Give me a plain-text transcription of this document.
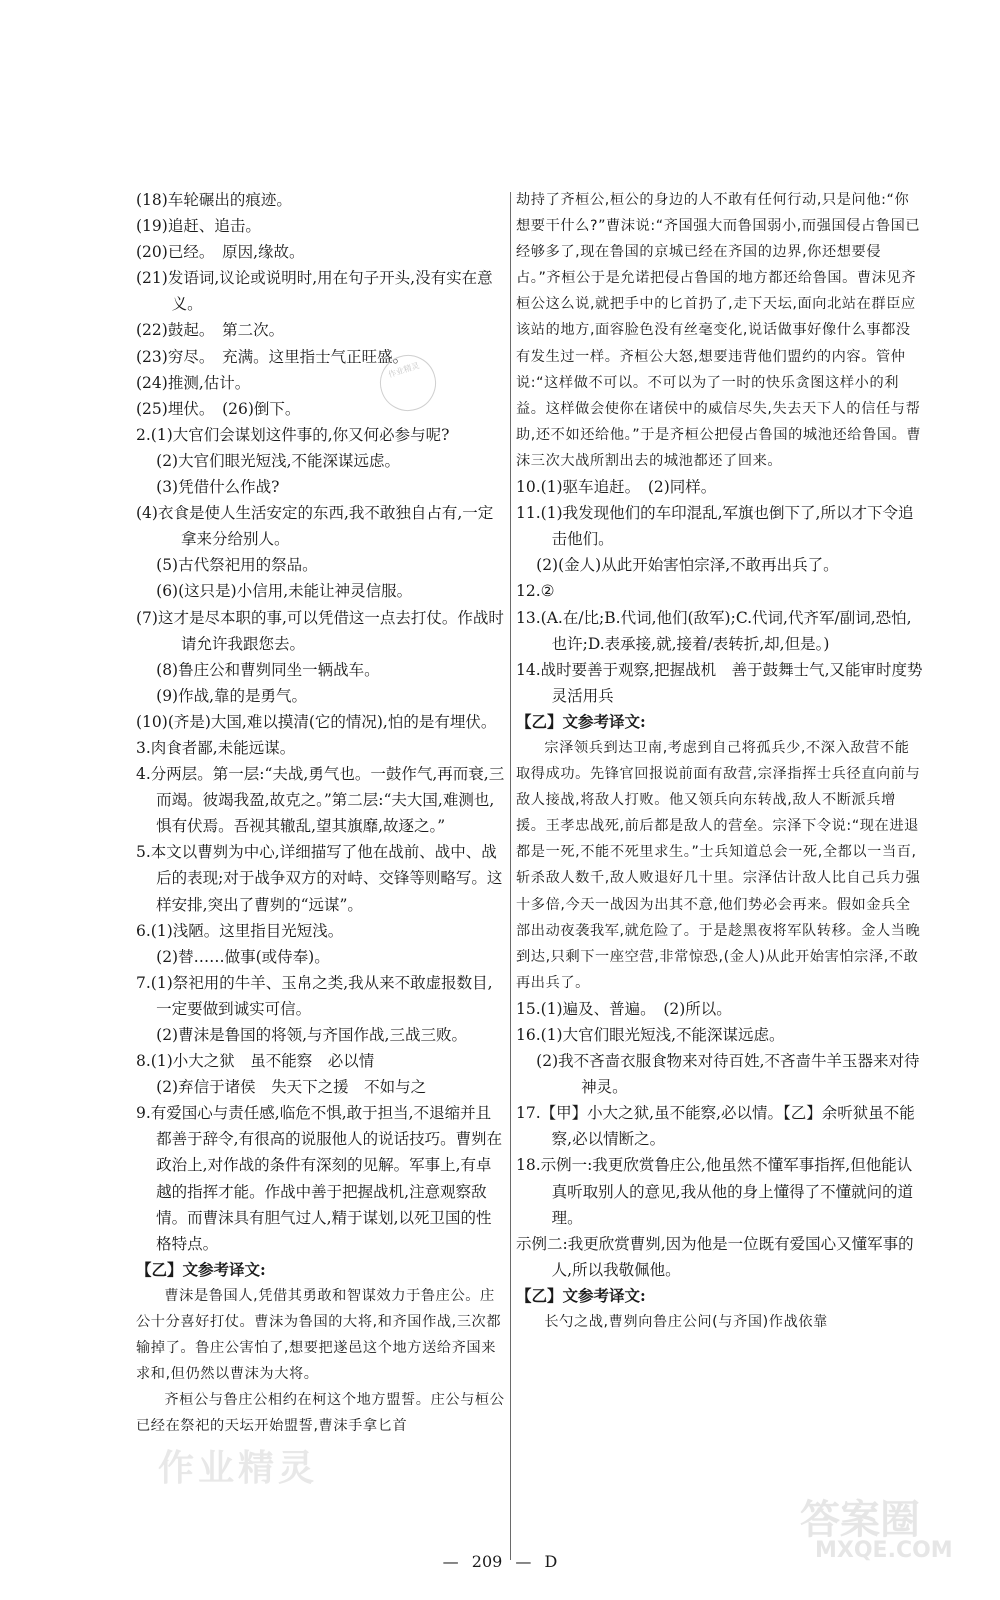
(18)车轮碾出的痕迹。

(19)追赶、追击。

(20)已经。　原因,缘故。

(21)发语词,议论或说明时,用在句子开头,没有实在意义。

(22)鼓起。　第二次。

(23)穷尽。　充满。这里指士气正旺盛。

(24)推测,估计。

(25)埋伏。　(26)倒下。

2.(1)大官们会谋划这件事的,你又何必参与呢?

(2)大官们眼光短浅,不能深谋远虑。

(3)凭借什么作战?

(4)衣食是使人生活安定的东西,我不敢独自占有,一定拿来分给别人。

(5)古代祭祀用的祭品。

(6)(这只是)小信用,未能让神灵信服。

(7)这才是尽本职的事,可以凭借这一点去打仗。作战时请允许我跟您去。

(8)鲁庄公和曹刿同坐一辆战车。

(9)作战,靠的是勇气。

(10)(齐是)大国,难以摸清(它的情况),怕的是有埋伏。

3.肉食者鄙,未能远谋。

4.分两层。第一层:“夫战,勇气也。一鼓作气,再而衰,三而竭。彼竭我盈,故克之。”第二层:“夫大国,难测也,惧有伏焉。吾视其辙乱,望其旗靡,故逐之。”

5.本文以曹刿为中心,详细描写了他在战前、战中、战后的表现;对于战争双方的对峙、交锋等则略写。这样安排,突出了曹刿的“远谋”。

6.(1)浅陋。这里指目光短浅。

(2)替……做事(或侍奉)。

7.(1)祭祀用的牛羊、玉帛之类,我从来不敢虚报数目,一定要做到诚实可信。

(2)曹沫是鲁国的将领,与齐国作战,三战三败。

8.(1)小大之狱　虽不能察　必以情

(2)弃信于诸侯　失天下之援　不如与之

9.有爱国心与责任感,临危不惧,敢于担当,不退缩并且都善于辞令,有很高的说服他人的说话技巧。曹刿在政治上,对作战的条件有深刻的见解。军事上,有卓越的指挥才能。作战中善于把握战机,注意观察敌情。而曹沫具有胆气过人,精于谋划,以死卫国的性格特点。

【乙】文参考译文:

曹沫是鲁国人,凭借其勇敢和智谋效力于鲁庄公。庄公十分喜好打仗。曹沫为鲁国的大将,和齐国作战,三次都输掉了。鲁庄公害怕了,想要把遂邑这个地方送给齐国来求和,但仍然以曹沫为大将。

齐桓公与鲁庄公相约在柯这个地方盟誓。庄公与桓公已经在祭祀的天坛开始盟誓,曹沫手拿匕首

劫持了齐桓公,桓公的身边的人不敢有任何行动,只是问他:“你想要干什么?”曹沫说:“齐国强大而鲁国弱小,而强国侵占鲁国已经够多了,现在鲁国的京城已经在齐国的边界,你还想要侵占。”齐桓公于是允诺把侵占鲁国的地方都还给鲁国。曹沫见齐桓公这么说,就把手中的匕首扔了,走下天坛,面向北站在群臣应该站的地方,面容脸色没有丝毫变化,说话做事好像什么事都没有发生过一样。齐桓公大怒,想要违背他们盟约的内容。管仲说:“这样做不可以。不可以为了一时的快乐贪图这样小的利益。这样做会使你在诸侯中的威信尽失,失去天下人的信任与帮助,还不如还给他。”于是齐桓公把侵占鲁国的城池还给鲁国。曹沫三次大战所割出去的城池都还了回来。

10.(1)驱车追赶。　(2)同样。

11.(1)我发现他们的车印混乱,军旗也倒下了,所以才下令追击他们。

(2)(金人)从此开始害怕宗泽,不敢再出兵了。

12.②

13.(A.在/比;B.代词,他们(敌军);C.代词,代齐军/副词,恐怕,也许;D.表承接,就,接着/表转折,却,但是。)

14.战时要善于观察,把握战机　善于鼓舞士气,又能审时度势灵活用兵

【乙】文参考译文:

宗泽领兵到达卫南,考虑到自己将孤兵少,不深入敌营不能取得成功。先锋官回报说前面有敌营,宗泽指挥士兵径直向前与敌人接战,将敌人打败。他又领兵向东转战,敌人不断派兵增援。王孝忠战死,前后都是敌人的营垒。宗泽下令说:“现在进退都是一死,不能不死里求生。”士兵知道总会一死,全都以一当百,斩杀敌人数千,敌人败退好几十里。宗泽估计敌人比自己兵力强十多倍,今天一战因为出其不意,他们势必会再来。假如金兵全部出动夜袭我军,就危险了。于是趁黑夜将军队转移。金人当晚到达,只剩下一座空营,非常惊恐,(金人)从此开始害怕宗泽,不敢再出兵了。

15.(1)遍及、普遍。　(2)所以。

16.(1)大官们眼光短浅,不能深谋远虑。

(2)我不吝啬衣服食物来对待百姓,不吝啬牛羊玉器来对待神灵。

17.【甲】小大之狱,虽不能察,必以情。【乙】余听狱虽不能察,必以情断之。

18.示例一:我更欣赏鲁庄公,他虽然不懂军事指挥,但他能认真听取别人的意见,我从他的身上懂得了不懂就问的道理。

示例二:我更欣赏曹刿,因为他是一位既有爱国心又懂军事的人,所以我敬佩他。

【乙】文参考译文:

长勺之战,曹刿向鲁庄公问(与齐国)作战依靠

作业精灵
作业精灵
答案圈
MXQE.COM
— 209 — D
